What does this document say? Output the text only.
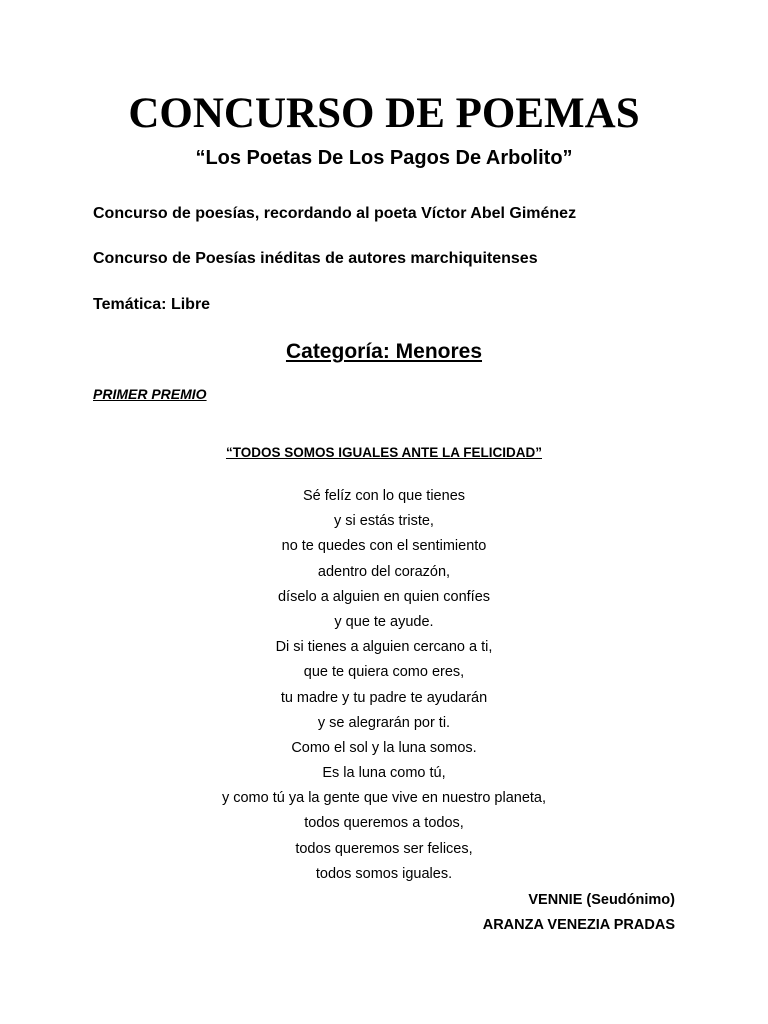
CONCURSO DE POEMAS
“Los Poetas De Los Pagos De Arbolito”

Concurso de poesías, recordando al poeta Víctor Abel Giménez

Concurso de Poesías inéditas de autores marchiquitenses

Temática: Libre

Categoría: Menores

PRIMER PREMIO

“TODOS SOMOS IGUALES ANTE LA FELICIDAD”

Sé felíz con lo que tienes
y si estás triste,
no te quedes con el sentimiento
adentro del corazón,
díselo a alguien en quien confíes
y que te ayude.
Di si tienes a alguien cercano a ti,
que te quiera como eres,
tu madre y tu padre te ayudarán
y se alegrarán por ti.
Como el sol y la luna somos.
Es la luna como tú,
y como tú ya la gente que vive en nuestro planeta,
todos queremos a todos,
todos queremos ser felices,
todos somos iguales.

VENNIE (Seudónimo)

ARANZA VENEZIA PRADAS
